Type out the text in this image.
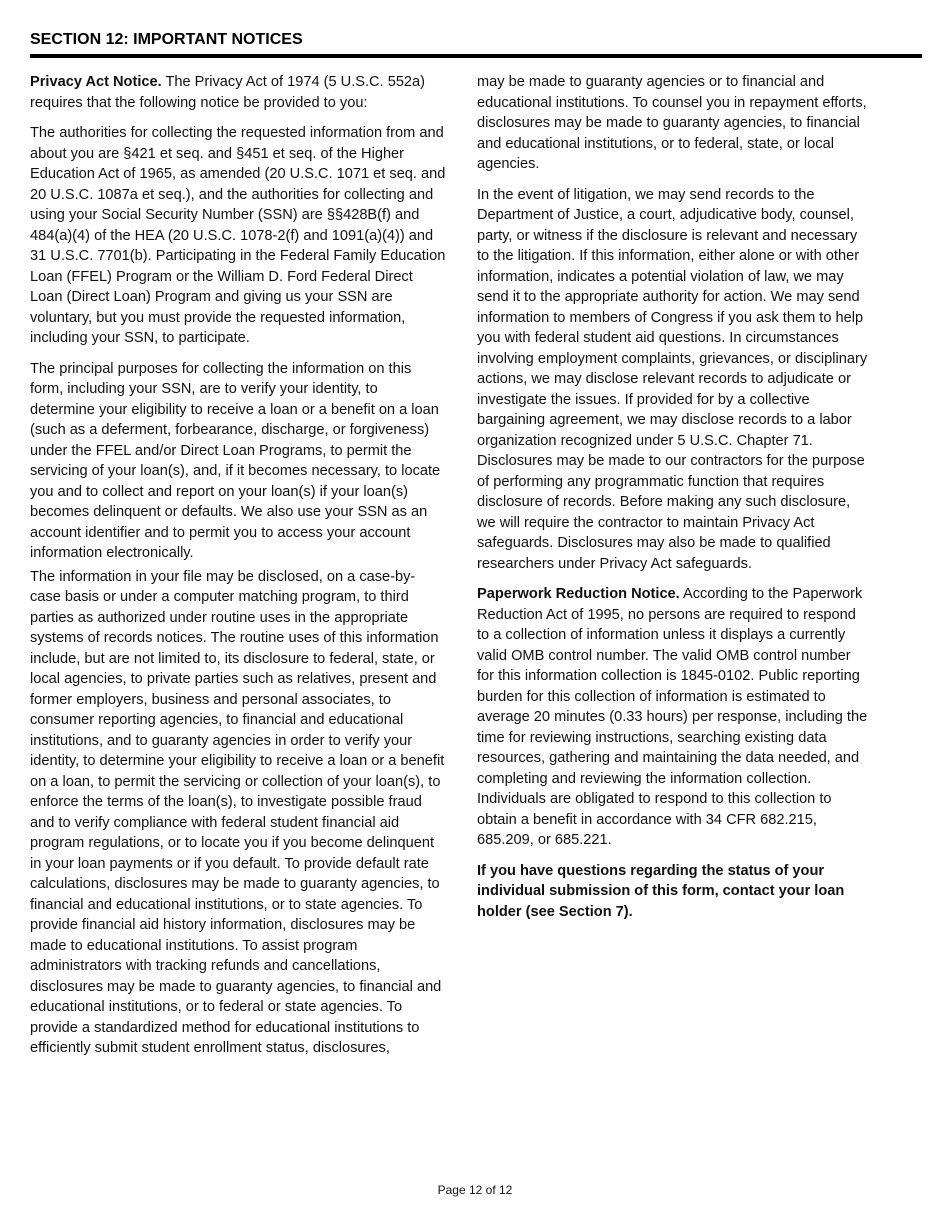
SECTION 12: IMPORTANT NOTICES

Privacy Act Notice. The Privacy Act of 1974 (5 U.S.C. 552a) requires that the following notice be provided to you:

The authorities for collecting the requested information from and about you are §421 et seq. and §451 et seq. of the Higher Education Act of 1965, as amended (20 U.S.C. 1071 et seq. and 20 U.S.C. 1087a et seq.), and the authorities for collecting and using your Social Security Number (SSN) are §§428B(f) and 484(a)(4) of the HEA (20 U.S.C. 1078-2(f) and 1091(a)(4)) and 31 U.S.C. 7701(b). Participating in the Federal Family Education Loan (FFEL) Program or the William D. Ford Federal Direct Loan (Direct Loan) Program and giving us your SSN are voluntary, but you must provide the requested information, including your SSN, to participate.

The principal purposes for collecting the information on this form, including your SSN, are to verify your identity, to determine your eligibility to receive a loan or a benefit on a loan (such as a deferment, forbearance, discharge, or forgiveness) under the FFEL and/or Direct Loan Programs, to permit the servicing of your loan(s), and, if it becomes necessary, to locate you and to collect and report on your loan(s) if your loan(s) becomes delinquent or defaults. We also use your SSN as an account identifier and to permit you to access your account information electronically.

The information in your file may be disclosed, on a case-by-case basis or under a computer matching program, to third parties as authorized under routine uses in the appropriate systems of records notices. The routine uses of this information include, but are not limited to, its disclosure to federal, state, or local agencies, to private parties such as relatives, present and former employers, business and personal associates, to consumer reporting agencies, to financial and educational institutions, and to guaranty agencies in order to verify your identity, to determine your eligibility to receive a loan or a benefit on a loan, to permit the servicing or collection of your loan(s), to enforce the terms of the loan(s), to investigate possible fraud and to verify compliance with federal student financial aid program regulations, or to locate you if you become delinquent in your loan payments or if you default. To provide default rate calculations, disclosures may be made to guaranty agencies, to financial and educational institutions, or to state agencies. To provide financial aid history information, disclosures may be made to educational institutions. To assist program administrators with tracking refunds and cancellations, disclosures may be made to guaranty agencies, to financial and educational institutions, or to federal or state agencies. To provide a standardized method for educational institutions to efficiently submit student enrollment status, disclosures,

may be made to guaranty agencies or to financial and educational institutions. To counsel you in repayment efforts, disclosures may be made to guaranty agencies, to financial and educational institutions, or to federal, state, or local agencies.

In the event of litigation, we may send records to the Department of Justice, a court, adjudicative body, counsel, party, or witness if the disclosure is relevant and necessary to the litigation. If this information, either alone or with other information, indicates a potential violation of law, we may send it to the appropriate authority for action. We may send information to members of Congress if you ask them to help you with federal student aid questions. In circumstances involving employment complaints, grievances, or disciplinary actions, we may disclose relevant records to adjudicate or investigate the issues. If provided for by a collective bargaining agreement, we may disclose records to a labor organization recognized under 5 U.S.C. Chapter 71. Disclosures may be made to our contractors for the purpose of performing any programmatic function that requires disclosure of records. Before making any such disclosure, we will require the contractor to maintain Privacy Act safeguards. Disclosures may also be made to qualified researchers under Privacy Act safeguards.

Paperwork Reduction Notice. According to the Paperwork Reduction Act of 1995, no persons are required to respond to a collection of information unless it displays a currently valid OMB control number. The valid OMB control number for this information collection is 1845-0102. Public reporting burden for this collection of information is estimated to average 20 minutes (0.33 hours) per response, including the time for reviewing instructions, searching existing data resources, gathering and maintaining the data needed, and completing and reviewing the information collection. Individuals are obligated to respond to this collection to obtain a benefit in accordance with 34 CFR 682.215, 685.209, or 685.221.

If you have questions regarding the status of your individual submission of this form, contact your loan holder (see Section 7).

Page 12 of 12
